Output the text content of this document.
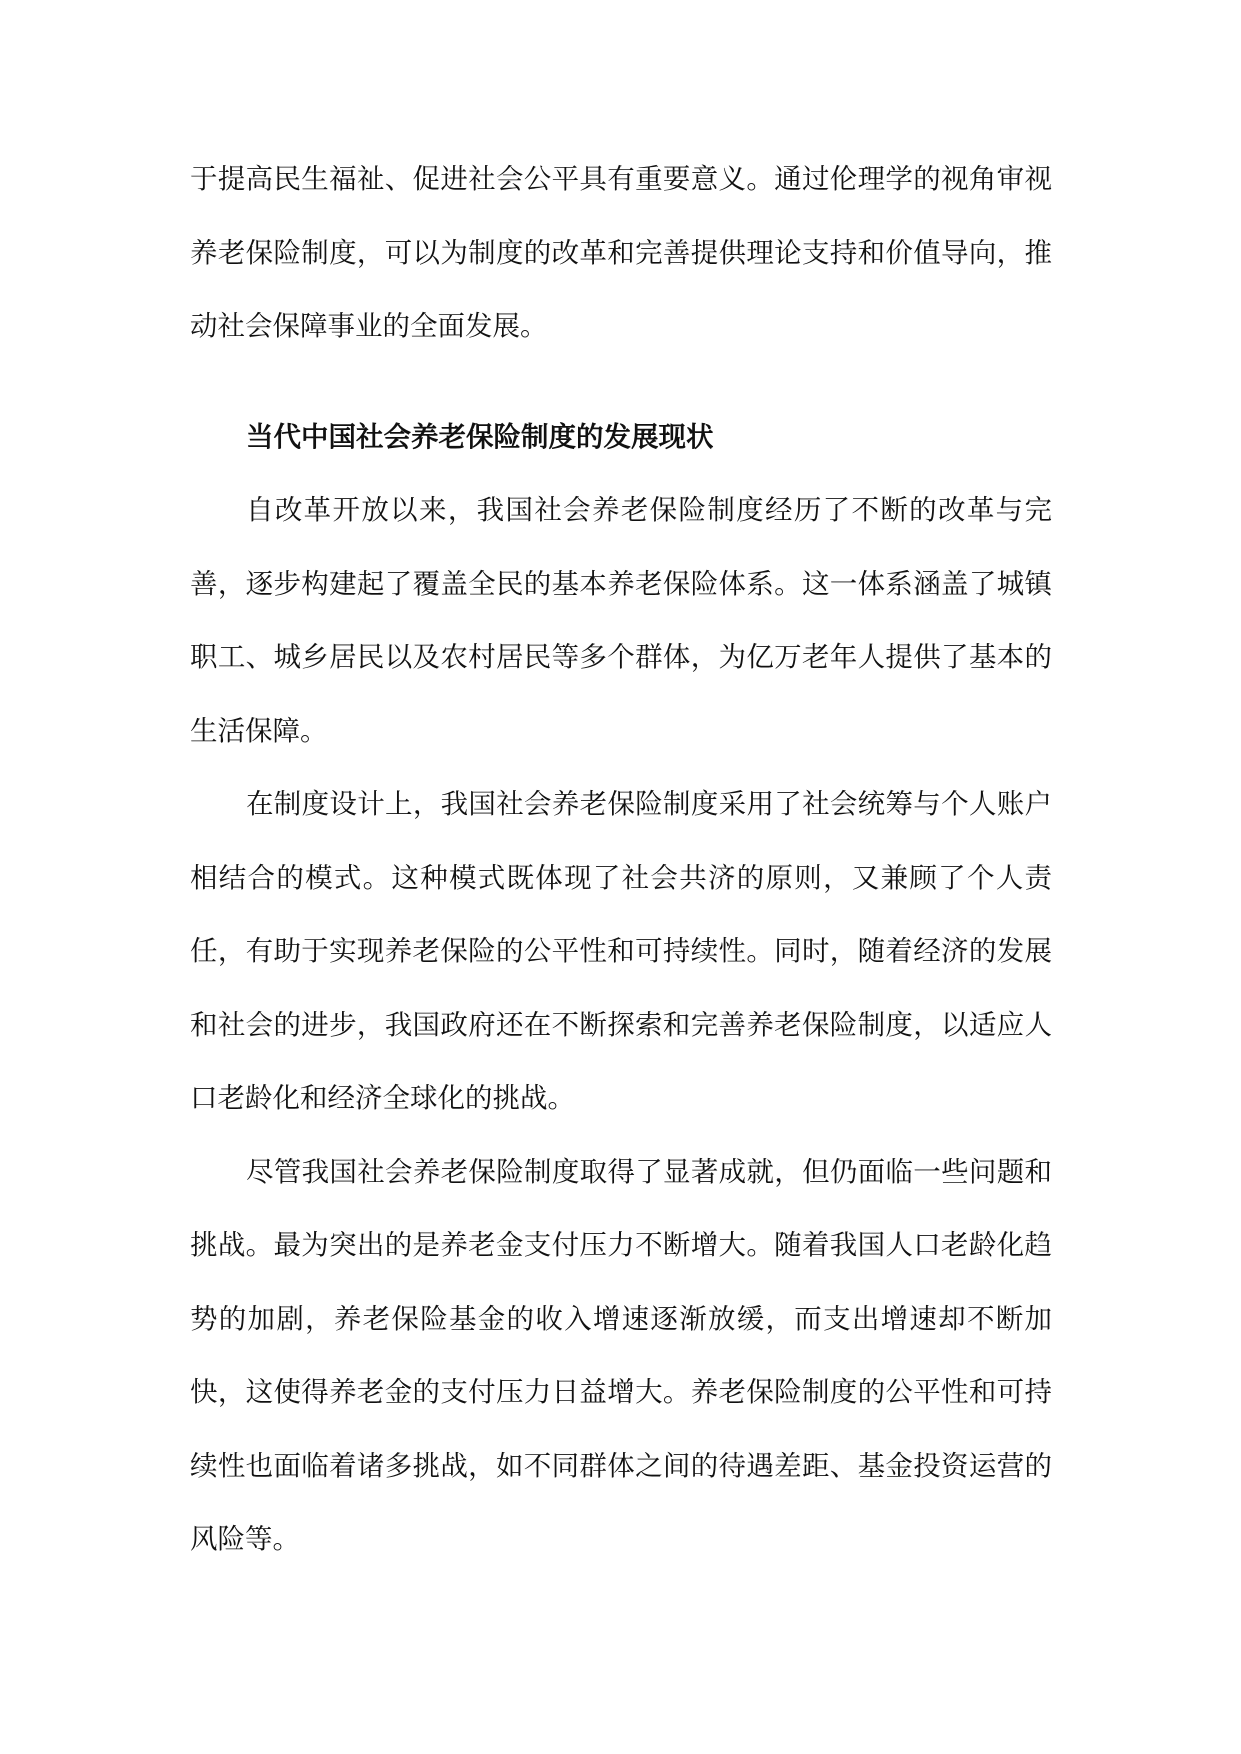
于提高民生福祉、促进社会公平具有重要意义。通过伦理学的视角审视养老保险制度，可以为制度的改革和完善提供理论支持和价值导向，推动社会保障事业的全面发展。

当代中国社会养老保险制度的发展现状

自改革开放以来，我国社会养老保险制度经历了不断的改革与完善，逐步构建起了覆盖全民的基本养老保险体系。这一体系涵盖了城镇职工、城乡居民以及农村居民等多个群体，为亿万老年人提供了基本的生活保障。

在制度设计上，我国社会养老保险制度采用了社会统筹与个人账户相结合的模式。这种模式既体现了社会共济的原则，又兼顾了个人责任，有助于实现养老保险的公平性和可持续性。同时，随着经济的发展和社会的进步，我国政府还在不断探索和完善养老保险制度，以适应人口老龄化和经济全球化的挑战。

尽管我国社会养老保险制度取得了显著成就，但仍面临一些问题和挑战。最为突出的是养老金支付压力不断增大。随着我国人口老龄化趋势的加剧，养老保险基金的收入增速逐渐放缓，而支出增速却不断加快，这使得养老金的支付压力日益增大。养老保险制度的公平性和可持续性也面临着诸多挑战，如不同群体之间的待遇差距、基金投资运营的风险等。
